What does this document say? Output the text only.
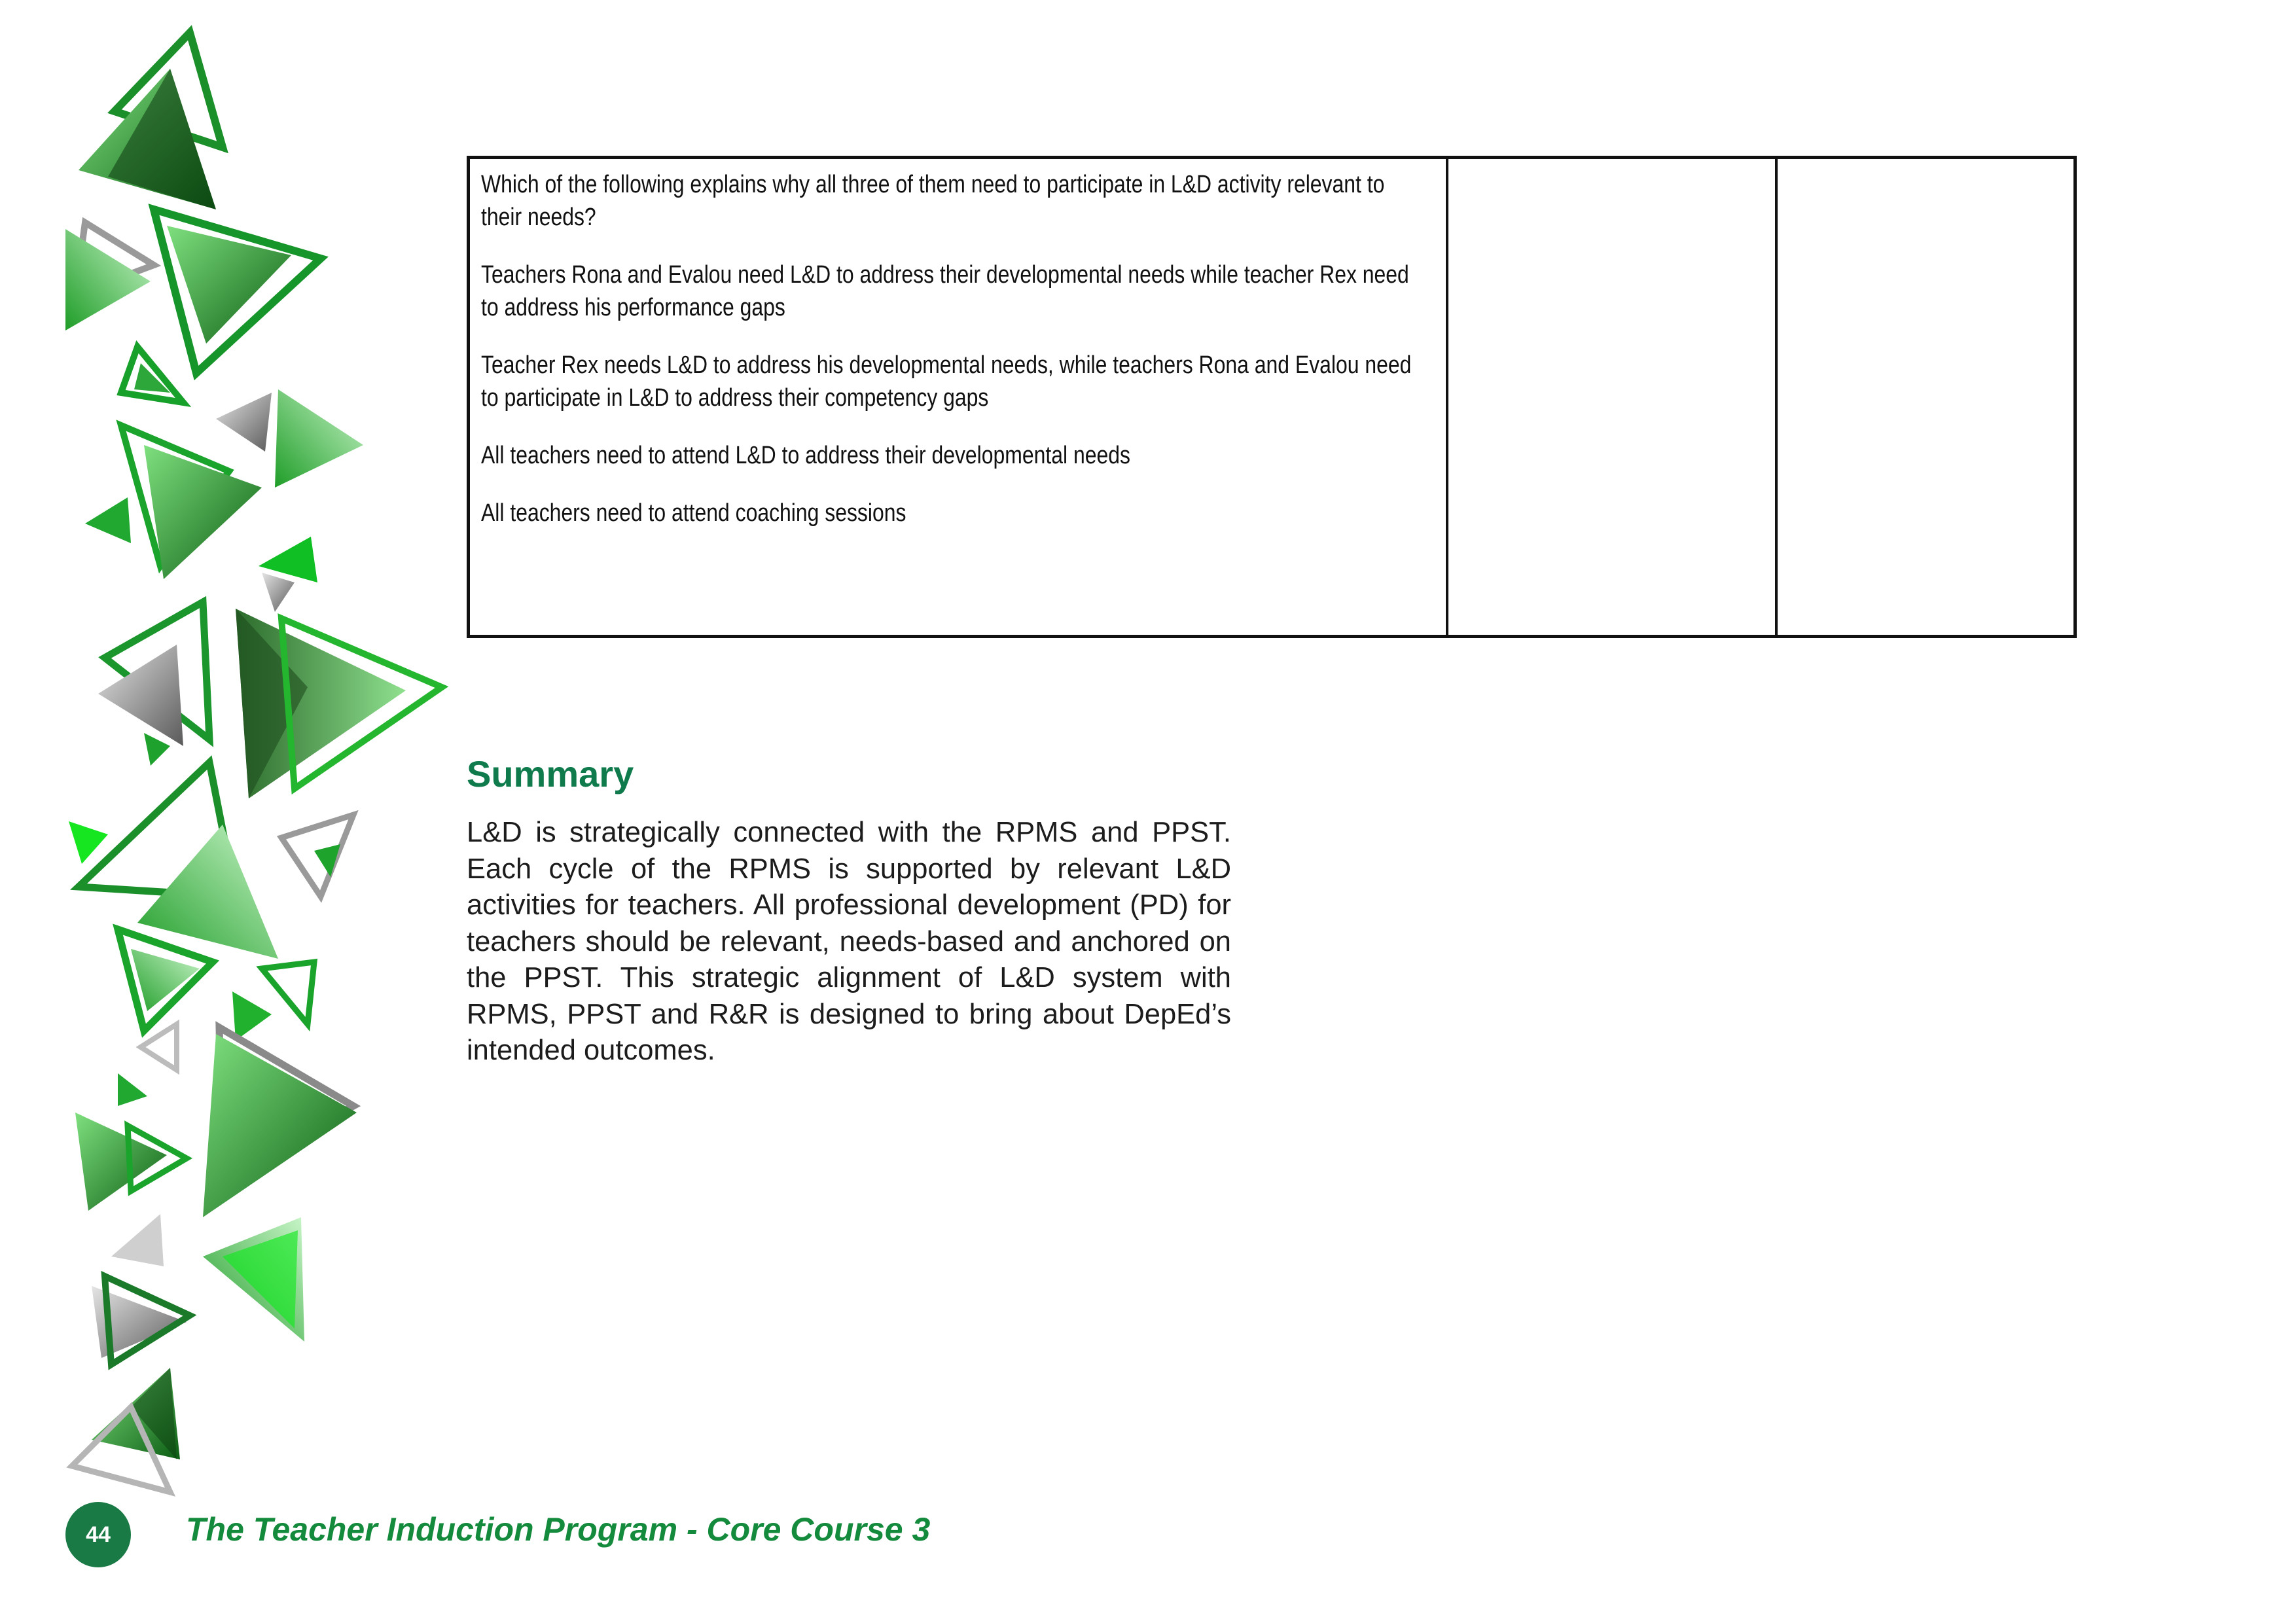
Which of the following explains why all three of them need to participate in L&D activity relevant to their needs?

Teachers Rona and Evalou need L&D to address their developmental needs while teacher Rex need to address his performance gaps

Teacher Rex needs L&D to address his developmental needs, while teachers Rona and Evalou need to participate in L&D to address their competency gaps

All teachers need to attend L&D to address their developmental needs

All teachers need to attend coaching sessions

Summary

L&D is strategically connected with the RPMS and PPST. Each cycle of the RPMS is supported by relevant L&D activities for teachers. All professional development (PD) for teachers should be relevant, needs-based and anchored on the PPST. This strategic alignment of L&D system with RPMS, PPST and R&R is designed to bring about DepEd’s intended outcomes.

44 The Teacher Induction Program - Core Course 3
